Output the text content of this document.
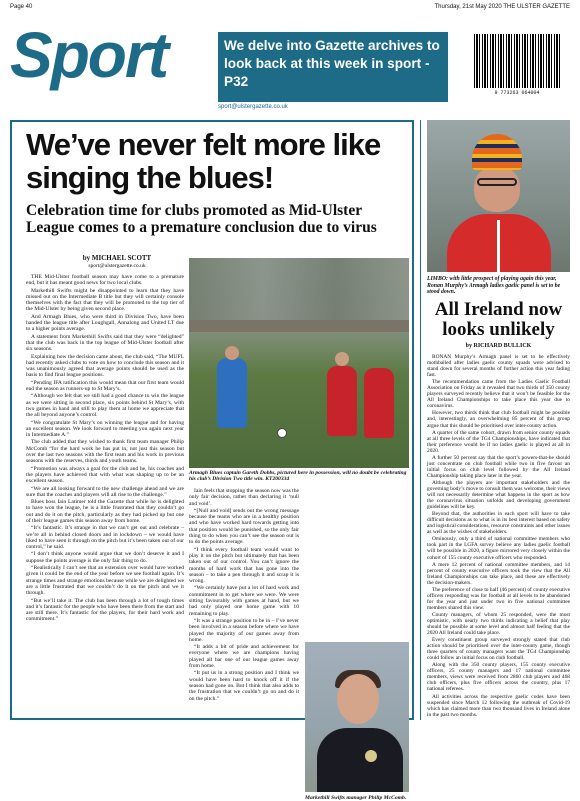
Page 40	Thursday, 21st May 2020 THE ULSTER GAZETTE
Sport	We delve into Gazette archives to look back at this week in sport - P32
sport@ulstergazette.co.uk
9 773263 064004
We’ve never felt more like singing the blues!
Celebration time for clubs promoted as Mid-Ulster League comes to a premature conclusion due to virus
by MICHAEL SCOTT
sport@ulstergazette.co.uk

THE Mid-Ulster football season may have come to a premature end, but it has meant good news for two local clubs.

Markethill Swifts might be disappointed to learn that they have missed out on the Intermediate B title but they will certainly console themselves with the fact that they will be promoted to the top tier of the Mid-Ulster by being given second place.

And Armagh Blues, who were third in Division Two, have been handed the league title after Loughgall, Annalong and United LT due to a higher points average.

A statement from Markethill Swifts said that they were “delighted” that the club was back in the top league of Mid-Ulster football after six seasons.

Explaining how the decision came about, the club said, “The MUFL had recently asked clubs to vote on how to conclude this season and it was unanimously agreed that average points should be used as the basis to find final league positions.

“Pending IFA ratification this would mean that our first team would end the season as runners-up to St Mary’s.

“Although we felt that we still had a good chance to win the league as we were sitting in second place, six points behind St Mary’s, with two games in hand and still to play them at home we appreciate that the all beyond anyone’s control.

“We congratulate St Mary’s on winning the league and for having an excellent season. We look forward to meeting you again next year in Intermediate A.”

The club added that they wished to thank first team manager Philip McComb “for the hard work he has put in, not just this season but over the last two seasons with the first team and his work in previous seasons with the reserves, thirds and youth teams.

“Promotion was always a goal for the club and he, his coaches and the players have achieved that with what was shaping up to be an excellent season.

“We are all looking forward to the new challenge ahead and we are sure that the coaches and players will all rise to the challenge.”

Blues boss Iain Latimer told the Gazette that while he is delighted to have won the league, he is a little frustrated that they couldn’t go out and do it on the pitch, particularly as they had picked up but one of their league games this season away from home.

“It’s fantastic. It’s strange in that we can’t get out and celebrate – we’re all in behind closed doors and in lockdown – we would have liked to have seen it through on the pitch but it’s been taken out of our control,” he said.

“I don’t think anyone would argue that we don’t deserve it and I suppose the points average is the only fair thing to do.

“Realistically I can’t see that an extension over would have worked given it could be the end of the year before we see football again. It’s strange times and strange emotions because while we are delighted we are a little frustrated that we couldn’t do it on the pitch and we it through.

“But we’ll take it. The club has been through a lot of tough times and it’s fantastic for the people who have been there from the start and are still there. It’s fantastic for the players, for their hard work and commitment.”

Armagh Blues captain Gareth Dobbs, pictured here in possession, will no doubt be celebrating his club’s Division Two title win. KT200334

Iain feels that stopping the season now was the only fair decision, rather than declaring it ‘null and void’.

“[Null and void] sends out the wrong message because the teams who are in a healthy position and who have worked hard towards getting into that position would be punished, so the only fair thing to do when you can’t see the season out is to do the points average.

“I think every football team would want to play it on the pitch but ultimately that has been taken out of our control. You can’t ignore the months of hard work that has gone into the season – to take a pen through it and scrap it is wrong.

“We certainly have put a lot of hard work and commitment in to get where we were. We were sitting favourably with games at hand, but we had only played one home game with 10 remaining to play.

“It was a strange position to be in – I’ve never been involved in a season before where we have played the majority of our games away from home.

“It adds a bit of pride and achievement for everyone where we are champions having played all bar one of our league games away from home.

“It put us in a strong position and I think we would have been hard to knock off it if the season had gone on. But I think that also adds to the frustration that we couldn’t go on and do it on the pitch.”

Markethill Swifts manager Philip McComb.
LIMBO: with little prospect of playing again this year, Ronan Murphy’s Armagh ladies gaelic panel is set to be stood down.
All Ireland now looks unlikely
by RICHARD BULLICK

RONAN Murphy’s Armagh panel is set to be effectively mothballed after ladies gaelic county squads were advised to stand down for several months of further action this year fading fast.

The recommendation came from the Ladies Gaelic Football Association on Friday as it revealed that two thirds of 350 county players surveyed recently believe that it won’t be feasible for the All Ireland Championships to take place this year due to coronavirus.

However, two thirds think that club football might be possible and, interestingly, an overwhelming 85 percent of this group argue that this should be prioritised over inter-county action.

A quarter of the same cohort, drawn from senior county squads at all three levels of the TG4 Championships, have indicated that their preference would be if no ladies gaelic is played at all in 2020.

A further 50 percent say that the sport’s powers-that-be should just concentrate on club football while two in five favour an initial focus on club level followed by the All Ireland Championship taking place later in the year.

Although the players are important stakeholders and the governing body’s move to consult them was welcome, their views will not necessarily determine what happens in the sport as how the coronavirus situation unfolds and developing government guidelines will be key.

Beyond that, the authorities in each sport will have to take difficult decisions as to what is in its best interest based on safety and logistical considerations, resource constraints and other issues as well as the wishes of stakeholders.

Ominously, only a third of national committee members who took part in the LGFA survey believe any ladies gaelic football will be possible in 2020, a figure mirrored very closely within the cohort of 155 county executive officers who responded.

A mere 12 percent of national committee members, and 14 percent of county executive officers took the view that the All Ireland Championships can take place, and these are effectively the decision-makers.

The preference of close to half (46 percent) of county executive officers responding was for football at all levels to be abandoned for the year and just under two in five national committee members shared this view.

County managers, of whom 25 responded, were the most optimistic, with nearly two thirds indicating a belief that play should be possible at some level and almost half feeling that the 2020 All Ireland could take place.

Every constituent group surveyed strongly stated that club action should be prioritised over the inter-county game, though three quarters of county managers want the TG4 Championship could follow an initial focus on club football.

Along with the 350 county players, 155 county executive officers, 25 county managers and 17 national committee members, views were received from 2860 club players and 468 club officers, plus five officers across the country, plus 17 national referees.

All activities across the respective gaelic codes have been suspended since March 12 following the outbreak of Covid-19 which has claimed more than two thousand lives in Ireland alone in the past two months.
